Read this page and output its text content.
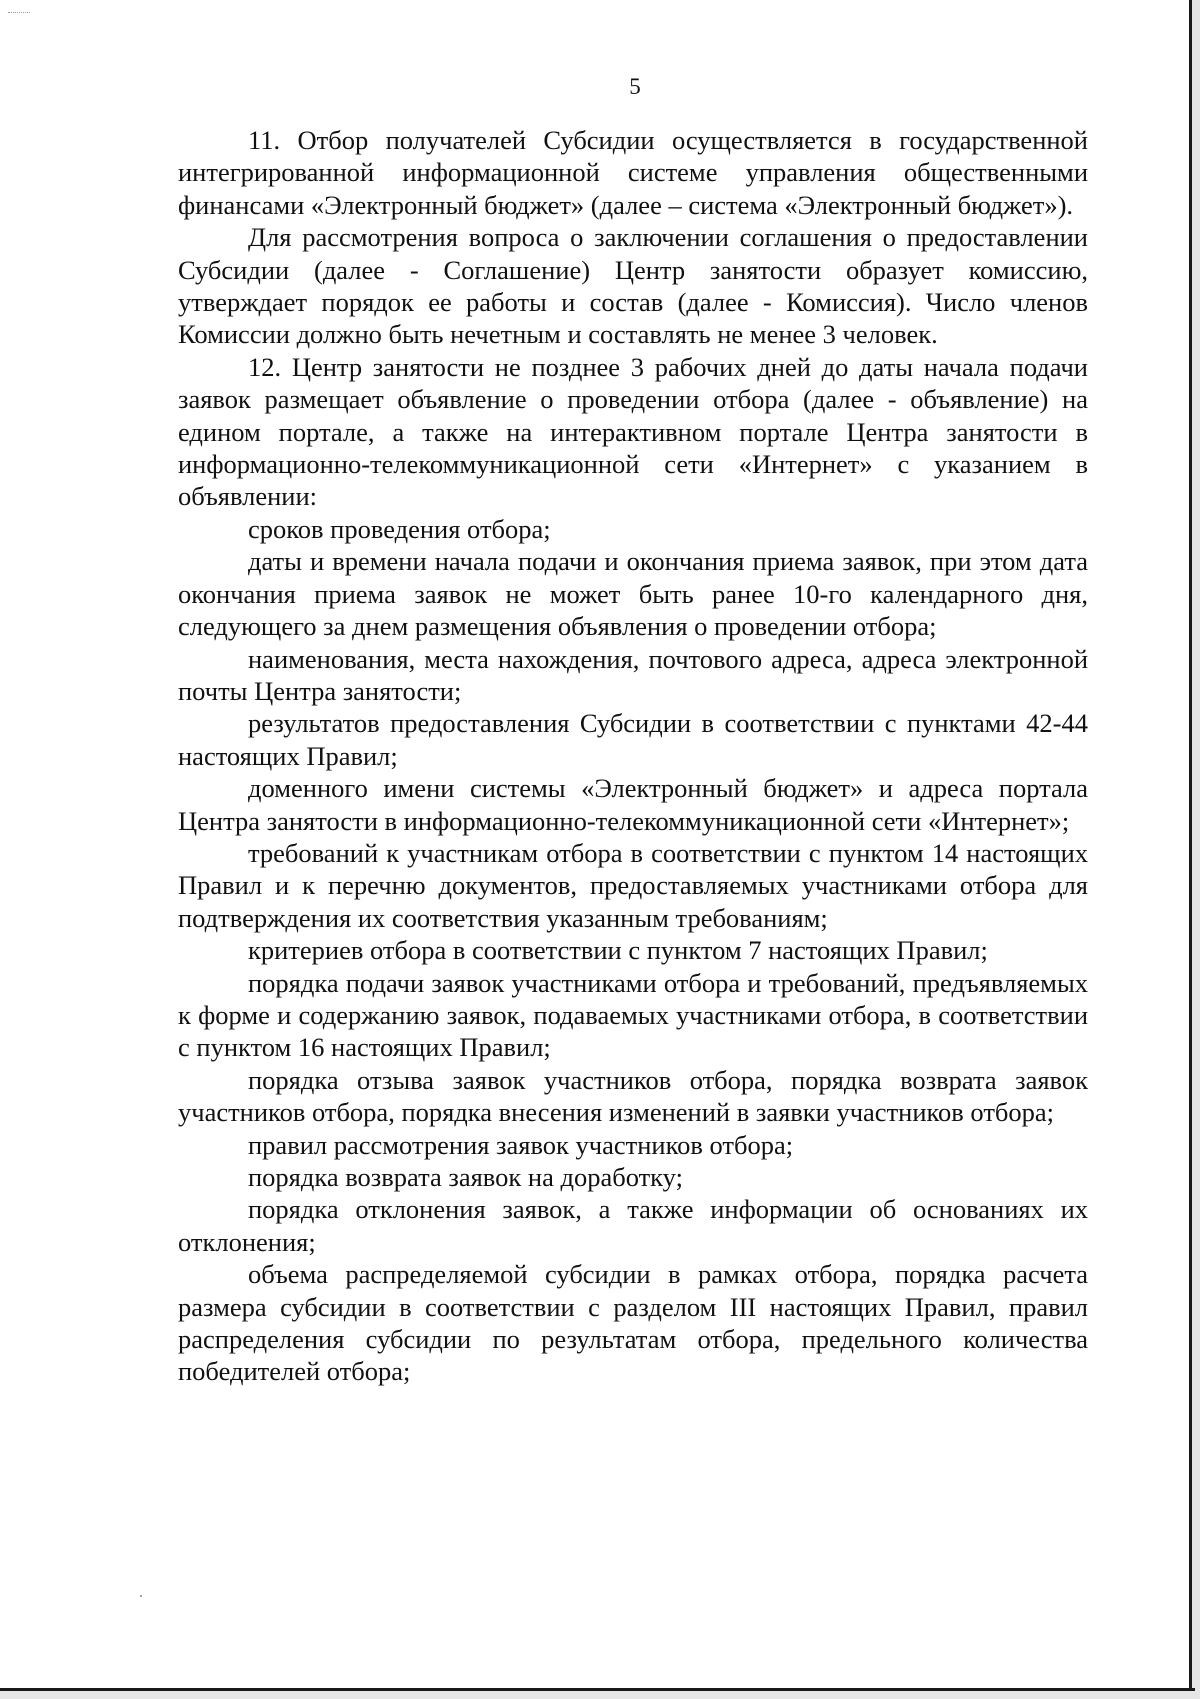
5

11. Отбор получателей Субсидии осуществляется в государственной интегрированной информационной системе управления общественными финансами «Электронный бюджет» (далее – система «Электронный бюджет»).

Для рассмотрения вопроса о заключении соглашения о предоставлении Субсидии (далее - Соглашение) Центр занятости образует комиссию, утверждает порядок ее работы и состав (далее - Комиссия). Число членов Комиссии должно быть нечетным и составлять не менее 3 человек.

12. Центр занятости не позднее 3 рабочих дней до даты начала подачи заявок размещает объявление о проведении отбора (далее - объявление) на едином портале, а также на интерактивном портале Центра занятости в информационно-телекоммуникационной сети «Интернет» с указанием в объявлении:

сроков проведения отбора;

даты и времени начала подачи и окончания приема заявок, при этом дата окончания приема заявок не может быть ранее 10-го календарного дня, следующего за днем размещения объявления о проведении отбора;

наименования, места нахождения, почтового адреса, адреса электронной почты Центра занятости;

результатов предоставления Субсидии в соответствии с пунктами 42-44 настоящих Правил;

доменного имени системы «Электронный бюджет» и адреса портала Центра занятости в информационно-телекоммуникационной сети «Интернет»;

требований к участникам отбора в соответствии с пунктом 14 настоящих Правил и к перечню документов, предоставляемых участниками отбора для подтверждения их соответствия указанным требованиям;

критериев отбора в соответствии с пунктом 7 настоящих Правил;

порядка подачи заявок участниками отбора и требований, предъявляемых к форме и содержанию заявок, подаваемых участниками отбора, в соответствии с пунктом 16 настоящих Правил;

порядка отзыва заявок участников отбора, порядка возврата заявок участников отбора, порядка внесения изменений в заявки участников отбора;

правил рассмотрения заявок участников отбора;

порядка возврата заявок на доработку;

порядка отклонения заявок, а также информации об основаниях их отклонения;

объема распределяемой субсидии в рамках отбора, порядка расчета размера субсидии в соответствии с разделом III настоящих Правил, правил распределения субсидии по результатам отбора, предельного количества победителей отбора;
